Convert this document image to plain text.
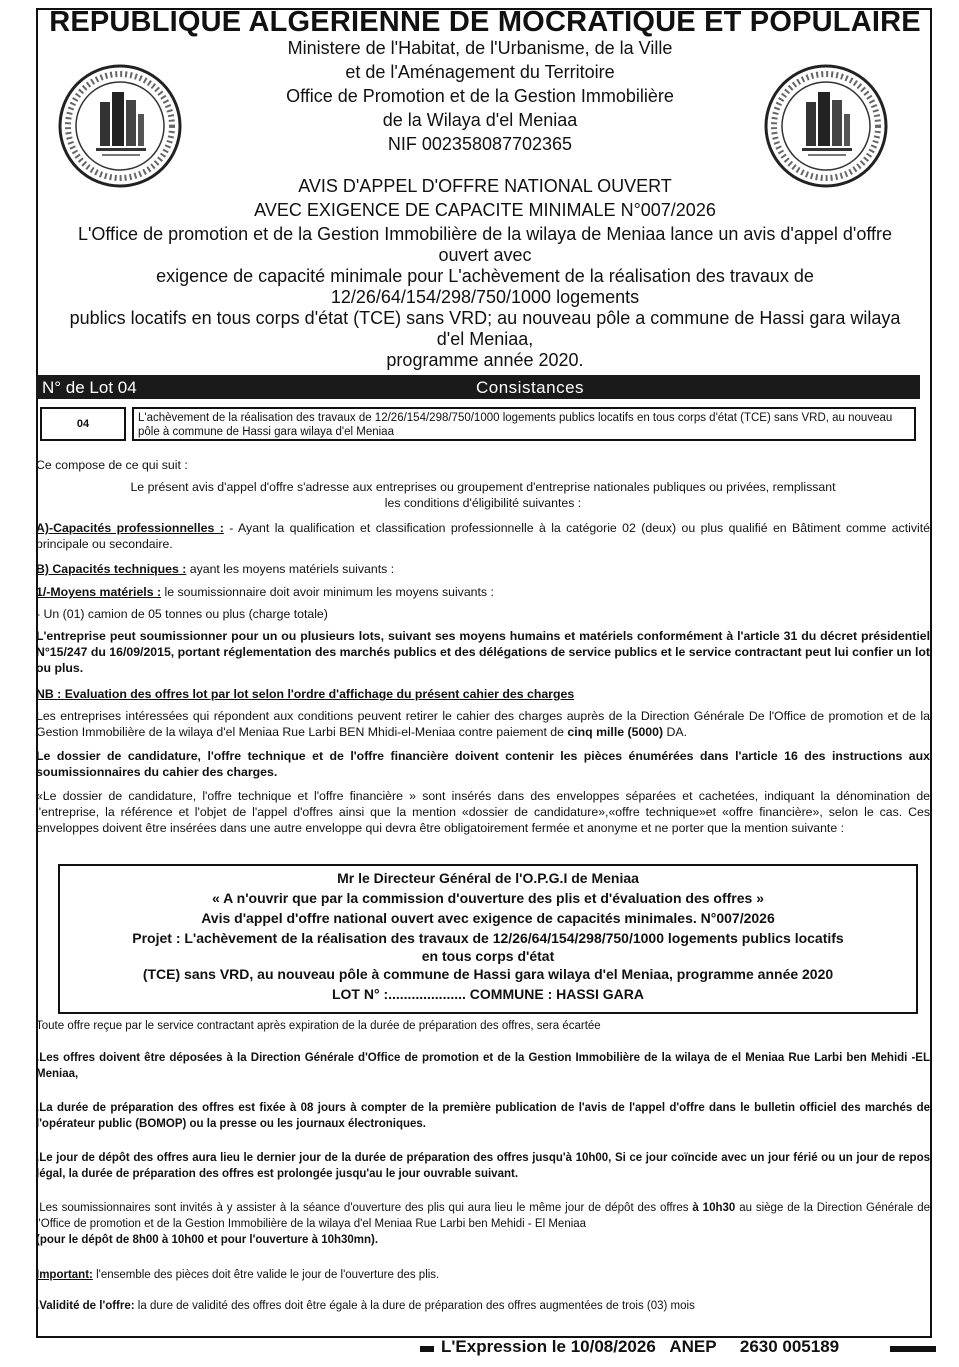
REPUBLIQUE ALGERIENNE DE MOCRATIQUE ET POPULAIRE
Ministere de l'Habitat, de l'Urbanisme, de la Ville
et de l'Aménagement du Territoire
Office de Promotion et de la Gestion Immobilière
de la Wilaya d'el Meniaa
NIF 002358087702365
AVIS D'APPEL D'OFFRE NATIONAL OUVERT
AVEC EXIGENCE DE CAPACITE MINIMALE N°007/2026
L'Office de promotion et de la Gestion Immobilière de la wilaya de Meniaa lance un avis d'appel d'offre ouvert avec
exigence de capacité minimale pour L'achèvement de la réalisation des travaux de 12/26/64/154/298/750/1000 logements
publics locatifs en tous corps d'état (TCE) sans VRD; au nouveau pôle a commune de Hassi gara wilaya d'el Meniaa,
programme année 2020.
N° de Lot 04	Consistances
04	L'achèvement de la réalisation des travaux de 12/26/154/298/750/1000 logements publics locatifs en tous corps d'état (TCE) sans VRD, au nouveau pôle à commune de Hassi gara wilaya d'el Meniaa
Ce compose de ce qui suit :
Le présent avis d'appel d'offre s'adresse aux entreprises ou groupement d'entreprise nationales publiques ou privées, remplissant
les conditions d'éligibilité suivantes :
A)-Capacités professionnelles : - Ayant la qualification et classification professionnelle à la catégorie 02 (deux) ou plus qualifié en Bâtiment comme activité principale ou secondaire.
B) Capacités techniques : ayant les moyens matériels suivants :
1/-Moyens matériels : le soumissionnaire doit avoir minimum les moyens suivants :
- Un (01) camion de 05 tonnes ou plus (charge totale)
L'entreprise peut soumissionner pour un ou plusieurs lots, suivant ses moyens humains et matériels conformément à l'article 31 du décret présidentiel N°15/247 du 16/09/2015, portant réglementation des marchés publics et des délégations de service publics et le service contractant peut lui confier un lot ou plus.
NB : Evaluation des offres lot par lot selon l'ordre d'affichage du présent cahier des charges
Les entreprises intéressées qui répondent aux conditions peuvent retirer le cahier des charges auprès de la Direction Générale De l'Office de promotion et de la Gestion Immobilière de la wilaya d'el Meniaa Rue Larbi BEN Mhidi-el-Meniaa contre paiement de cinq mille (5000) DA.
Le dossier de candidature, l'offre technique et de l'offre financière doivent contenir les pièces énumérées dans l'article 16 des instructions aux soumissionnaires du cahier des charges.
«Le dossier de candidature, l'offre technique et l'offre financière » sont insérés dans des enveloppes séparées et cachetées, indiquant la dénomination de l'entreprise, la référence et l'objet de l'appel d'offres ainsi que la mention «dossier de candidature»,«offre technique»et «offre financière», selon le cas. Ces enveloppes doivent être insérées dans une autre enveloppe qui devra être obligatoirement fermée et anonyme et ne porter que la mention suivante :
Mr le Directeur Général de l'O.P.G.I de Meniaa
« A n'ouvrir que par la commission d'ouverture des plis et d'évaluation des offres »
Avis d'appel d'offre national ouvert avec exigence de capacités minimales. N°007/2026
Projet : L'achèvement de la réalisation des travaux de 12/26/64/154/298/750/1000 logements publics locatifs
en tous corps d'état
(TCE) sans VRD, au nouveau pôle à commune de Hassi gara wilaya d'el Meniaa, programme année 2020
LOT N° :.................... COMMUNE : HASSI GARA
Toute offre reçue par le service contractant après expiration de la durée de préparation des offres, sera écartée
.Les offres doivent être déposées à la Direction Générale d'Office de promotion et de la Gestion Immobilière de la wilaya de el Meniaa Rue Larbi ben Mehidi -EL Meniaa,
.La durée de préparation des offres est fixée à 08 jours à compter de la première publication de l'avis de l'appel d'offre dans le bulletin officiel des marchés de l'opérateur public (BOMOP) ou la presse ou les journaux électroniques.
.Le jour de dépôt des offres aura lieu le dernier jour de la durée de préparation des offres jusqu'à 10h00, Si ce jour coïncide avec un jour férié ou un jour de repos légal, la durée de préparation des offres est prolongée jusqu'au le jour ouvrable suivant.
.Les soumissionnaires sont invités à y assister à la séance d'ouverture des plis qui aura lieu le même jour de dépôt des offres à 10h30 au siège de la Direction Générale de l'Office de promotion et de la Gestion Immobilière de la wilaya d'el Meniaa Rue Larbi ben Mehidi - El Meniaa
(pour le dépôt de 8h00 à 10h00 et pour l'ouverture à 10h30mn).
Important: l'ensemble des pièces doit être valide le jour de l'ouverture des plis.
.Validité de l'offre: la dure de validité des offres doit être égale à la dure de préparation des offres augmentées de trois (03) mois
L'Expression le 10/08/2026   ANEP     2630 005189
